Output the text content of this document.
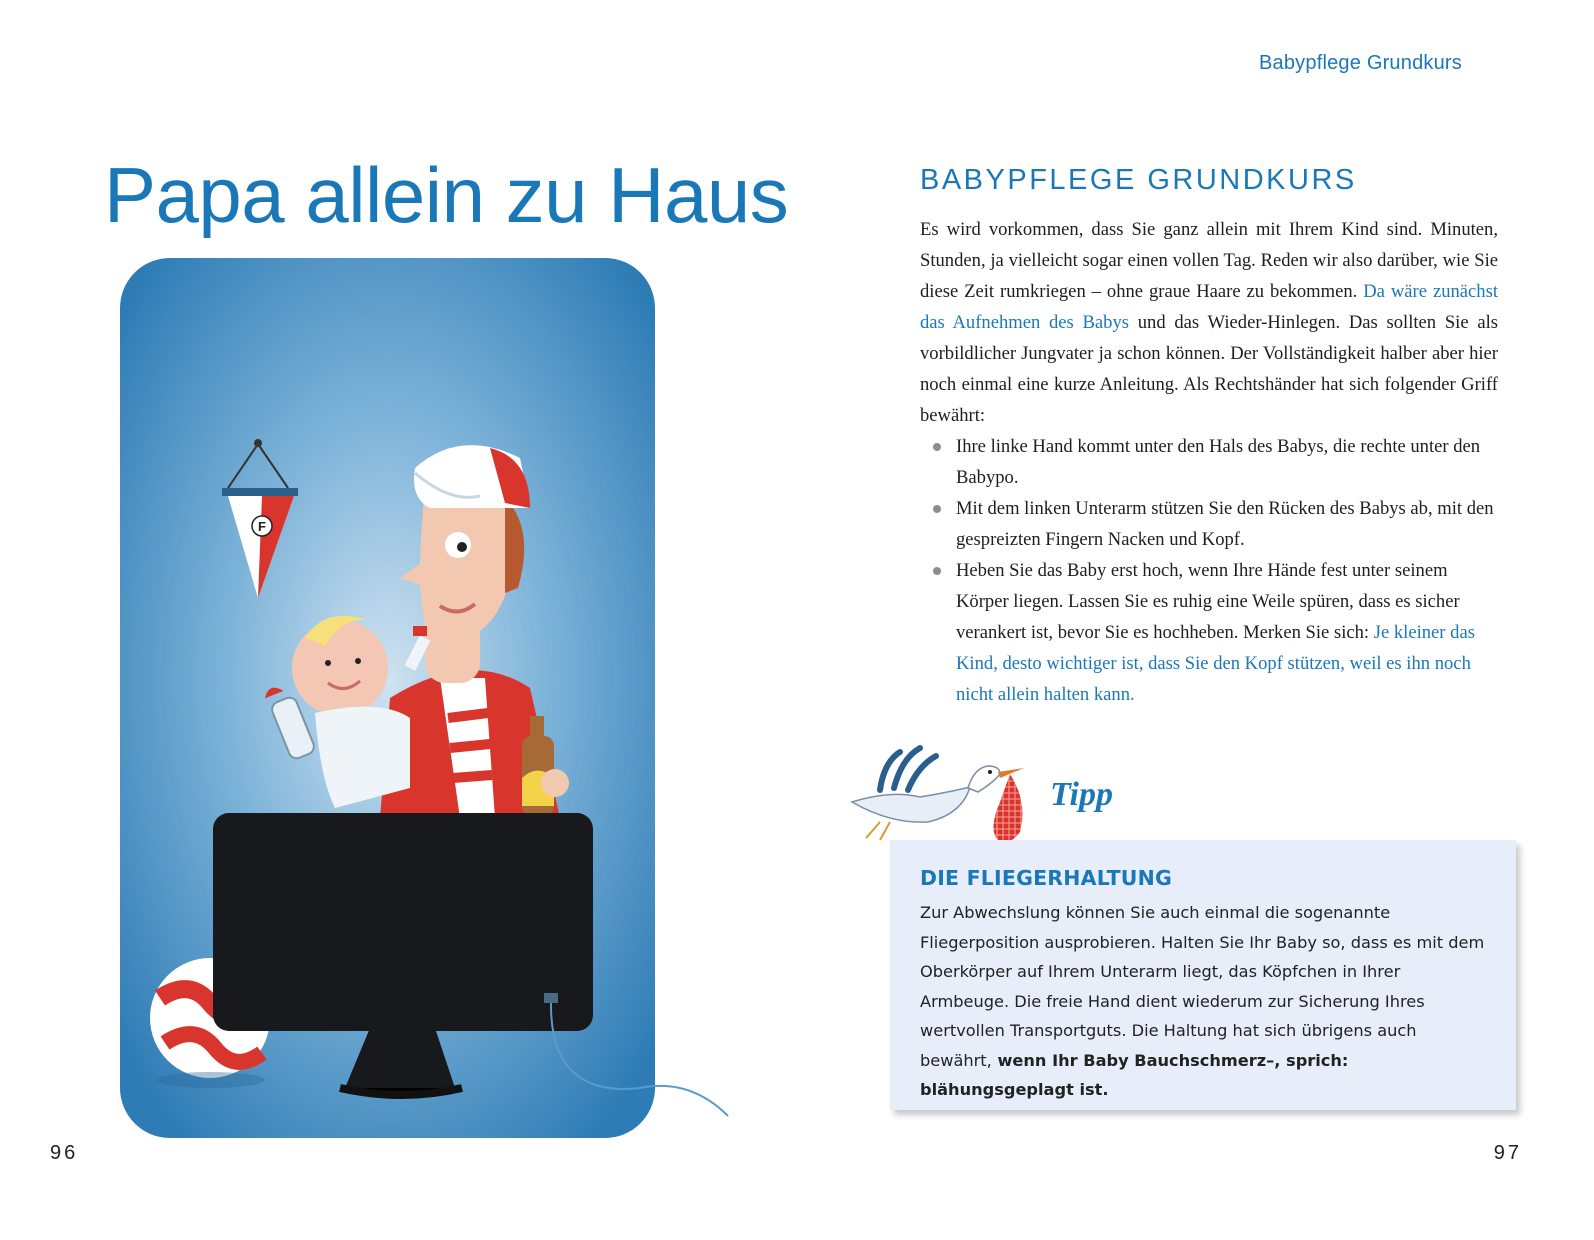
Babypflege Grundkurs
Papa allein zu Haus
F
96
BABYPFLEGE GRUNDKURS

Es wird vorkommen, dass Sie ganz allein mit Ihrem Kind sind. Minuten, Stunden, ja vielleicht sogar einen vollen Tag. Reden wir also darüber, wie Sie diese Zeit rumkriegen – ohne graue Haare zu bekommen. Da wäre zunächst das Aufnehmen des Babys und das Wieder-Hinlegen. Das sollten Sie als vorbildlicher Jungvater ja schon können. Der Vollständigkeit halber aber hier noch einmal eine kurze Anleitung. Als Rechtshänder hat sich folgender Griff bewährt:

Ihre linke Hand kommt unter den Hals des Babys, die rechte unter den Babypo.
Mit dem linken Unterarm stützen Sie den Rücken des Babys ab, mit den gespreizten Fingern Nacken und Kopf.
Heben Sie das Baby erst hoch, wenn Ihre Hände fest unter seinem Körper liegen. Lassen Sie es ruhig eine Weile spüren, dass es sicher verankert ist, bevor Sie es hochheben. Merken Sie sich: Je kleiner das Kind, desto wichtiger ist, dass Sie den Kopf stützen, weil es ihn noch nicht allein halten kann.
Tipp
DIE FLIEGERHALTUNG
Zur Abwechslung können Sie auch einmal die sogenannte Fliegerposition ausprobieren. Halten Sie Ihr Baby so, dass es mit dem Oberkörper auf Ihrem Unterarm liegt, das Köpfchen in Ihrer Armbeuge. Die freie Hand dient wiederum zur Sicherung Ihres wertvollen Transportguts. Die Haltung hat sich übrigens auch bewährt, wenn Ihr Baby Bauchschmerz–, sprich: blähungsgeplagt ist.
97
